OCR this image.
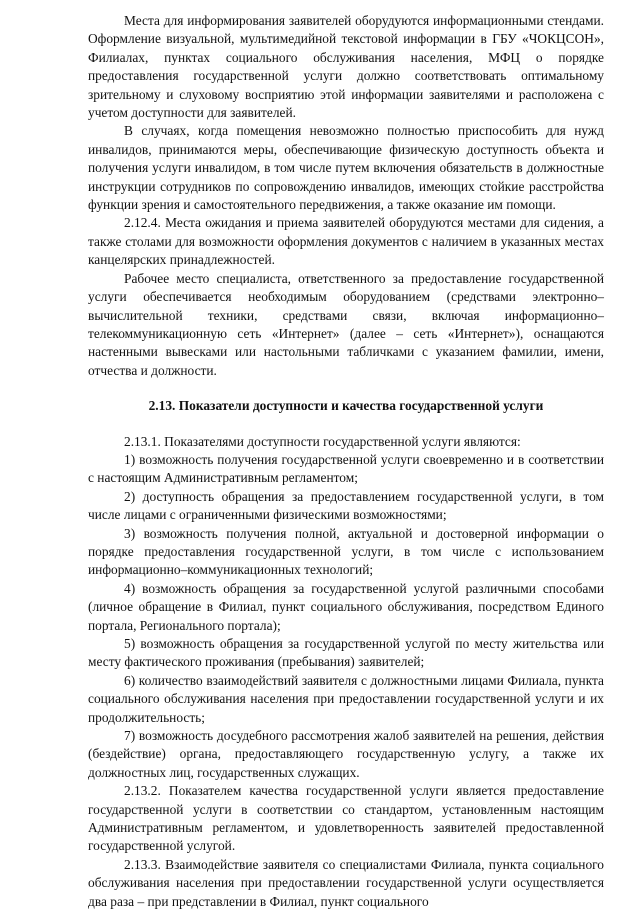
Места для информирования заявителей оборудуются информационными стендами. Оформление визуальной, мультимедийной текстовой информации в ГБУ «ЧОКЦСОН», Филиалах, пунктах социального обслуживания населения, МФЦ о порядке предоставления государственной услуги должно соответствовать оптимальному зрительному и слуховому восприятию этой информации заявителями и расположена с учетом доступности для заявителей.

В случаях, когда помещения невозможно полностью приспособить для нужд инвалидов, принимаются меры, обеспечивающие физическую доступность объекта и получения услуги инвалидом, в том числе путем включения обязательств в должностные инструкции сотрудников по сопровождению инвалидов, имеющих стойкие расстройства функции зрения и самостоятельного передвижения, а также оказание им помощи.

2.12.4. Места ожидания и приема заявителей оборудуются местами для сидения, а также столами для возможности оформления документов с наличием в указанных местах канцелярских принадлежностей.

Рабочее место специалиста, ответственного за предоставление государственной услуги обеспечивается необходимым оборудованием (средствами электронно–вычислительной техники, средствами связи, включая информационно–телекоммуникационную сеть «Интернет» (далее – сеть «Интернет»), оснащаются настенными вывесками или настольными табличками с указанием фамилии, имени, отчества и должности.

2.13. Показатели доступности и качества государственной услуги

2.13.1. Показателями доступности государственной услуги являются:

1) возможность получения государственной услуги своевременно и в соответствии с настоящим Административным регламентом;

2) доступность обращения за предоставлением государственной услуги, в том числе лицами с ограниченными физическими возможностями;

3) возможность получения полной, актуальной и достоверной информации о порядке предоставления государственной услуги, в том числе с использованием информационно–коммуникационных технологий;

4) возможность обращения за государственной услугой различными способами (личное обращение в Филиал, пункт социального обслуживания, посредством Единого портала, Регионального портала);

5) возможность обращения за государственной услугой по месту жительства или месту фактического проживания (пребывания) заявителей;

6) количество взаимодействий заявителя с должностными лицами Филиала, пункта социального обслуживания населения при предоставлении государственной услуги и их продолжительность;

7) возможность досудебного рассмотрения жалоб заявителей на решения, действия (бездействие) органа, предоставляющего государственную услугу, а также их должностных лиц, государственных служащих.

2.13.2. Показателем качества государственной услуги является предоставление государственной услуги в соответствии со стандартом, установленным настоящим Административным регламентом, и удовлетворенность заявителей предоставленной государственной услугой.

2.13.3. Взаимодействие заявителя со специалистами Филиала, пункта социального обслуживания населения при предоставлении государственной услуги осуществляется два раза – при представлении в Филиал, пункт социального
